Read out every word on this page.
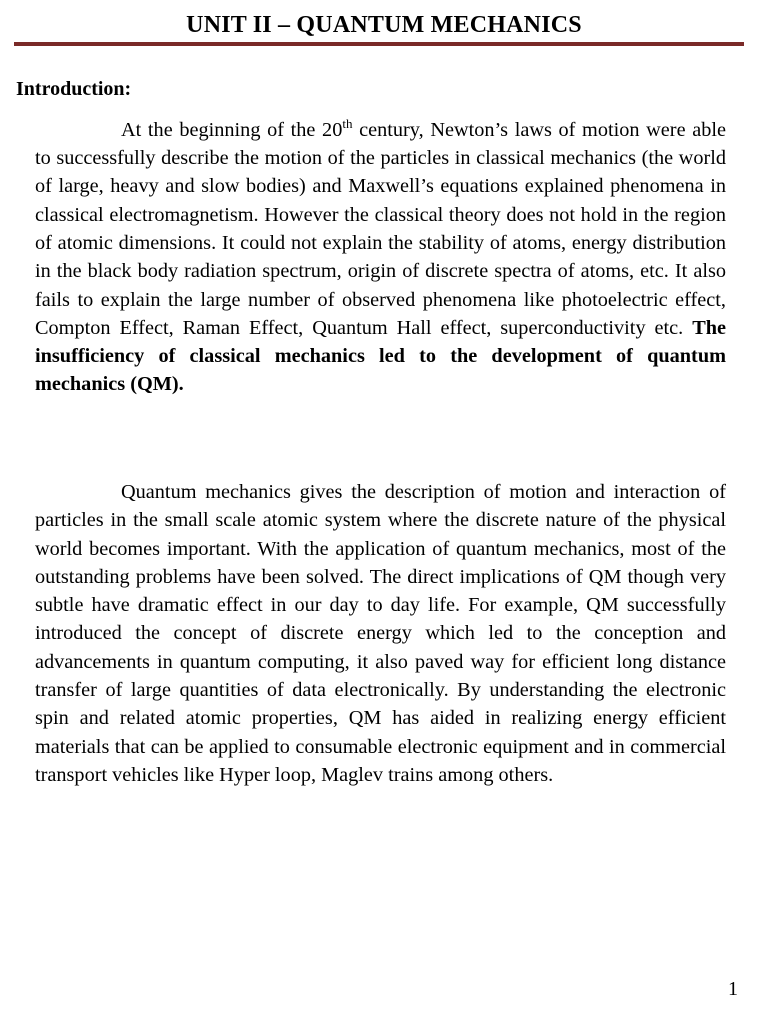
UNIT II – QUANTUM MECHANICS
Introduction:
At the beginning of the 20th century, Newton’s laws of motion were able to successfully describe the motion of the particles in classical mechanics (the world of large, heavy and slow bodies) and Maxwell’s equations explained phenomena in classical electromagnetism. However the classical theory does not hold in the region of atomic dimensions. It could not explain the stability of atoms, energy distribution in the black body radiation spectrum, origin of discrete spectra of atoms, etc. It also fails to explain the large number of observed phenomena like photoelectric effect, Compton Effect, Raman Effect, Quantum Hall effect, superconductivity etc. The insufficiency of classical mechanics led to the development of quantum mechanics (QM).
Quantum mechanics gives the description of motion and interaction of particles in the small scale atomic system where the discrete nature of the physical world becomes important. With the application of quantum mechanics, most of the outstanding problems have been solved. The direct implications of QM though very subtle have dramatic effect in our day to day life. For example, QM successfully introduced the concept of discrete energy which led to the conception and advancements in quantum computing, it also paved way for efficient long distance transfer of large quantities of data electronically. By understanding the electronic spin and related atomic properties, QM has aided in realizing energy efficient materials that can be applied to consumable electronic equipment and in commercial transport vehicles like Hyper loop, Maglev trains among others.
1
